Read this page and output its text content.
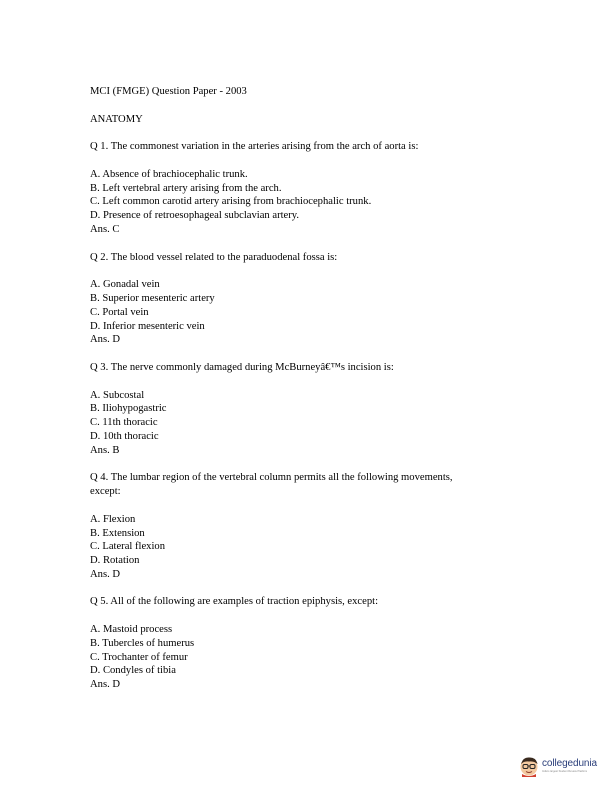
MCI (FMGE) Question Paper - 2003

ANATOMY

Q 1. The commonest variation in the arteries arising from the arch of aorta is:

A. Absence of brachiocephalic trunk.

B. Left vertebral artery arising from the arch.

C. Left common carotid artery arising from brachiocephalic trunk.

D. Presence of retroesophageal subclavian artery.

Ans. C

Q 2. The blood vessel related to the paraduodenal fossa is:

A. Gonadal vein

B. Superior mesenteric artery

C. Portal vein

D. Inferior mesenteric vein

Ans. D

Q 3. The nerve commonly damaged during McBurneyâ€™s incision is:

A. Subcostal

B. Iliohypogastric

C. 11th thoracic

D. 10th thoracic

Ans. B

Q 4. The lumbar region of the vertebral column permits all the following movements,

except:

A. Flexion

B. Extension

C. Lateral flexion

D. Rotation

Ans. D

Q 5. All of the following are examples of traction epiphysis, except:

A. Mastoid process

B. Tubercles of humerus

C. Trochanter of femur

D. Condyles of tibia

Ans. D

collegedunia
India's largest Student Review Platform
